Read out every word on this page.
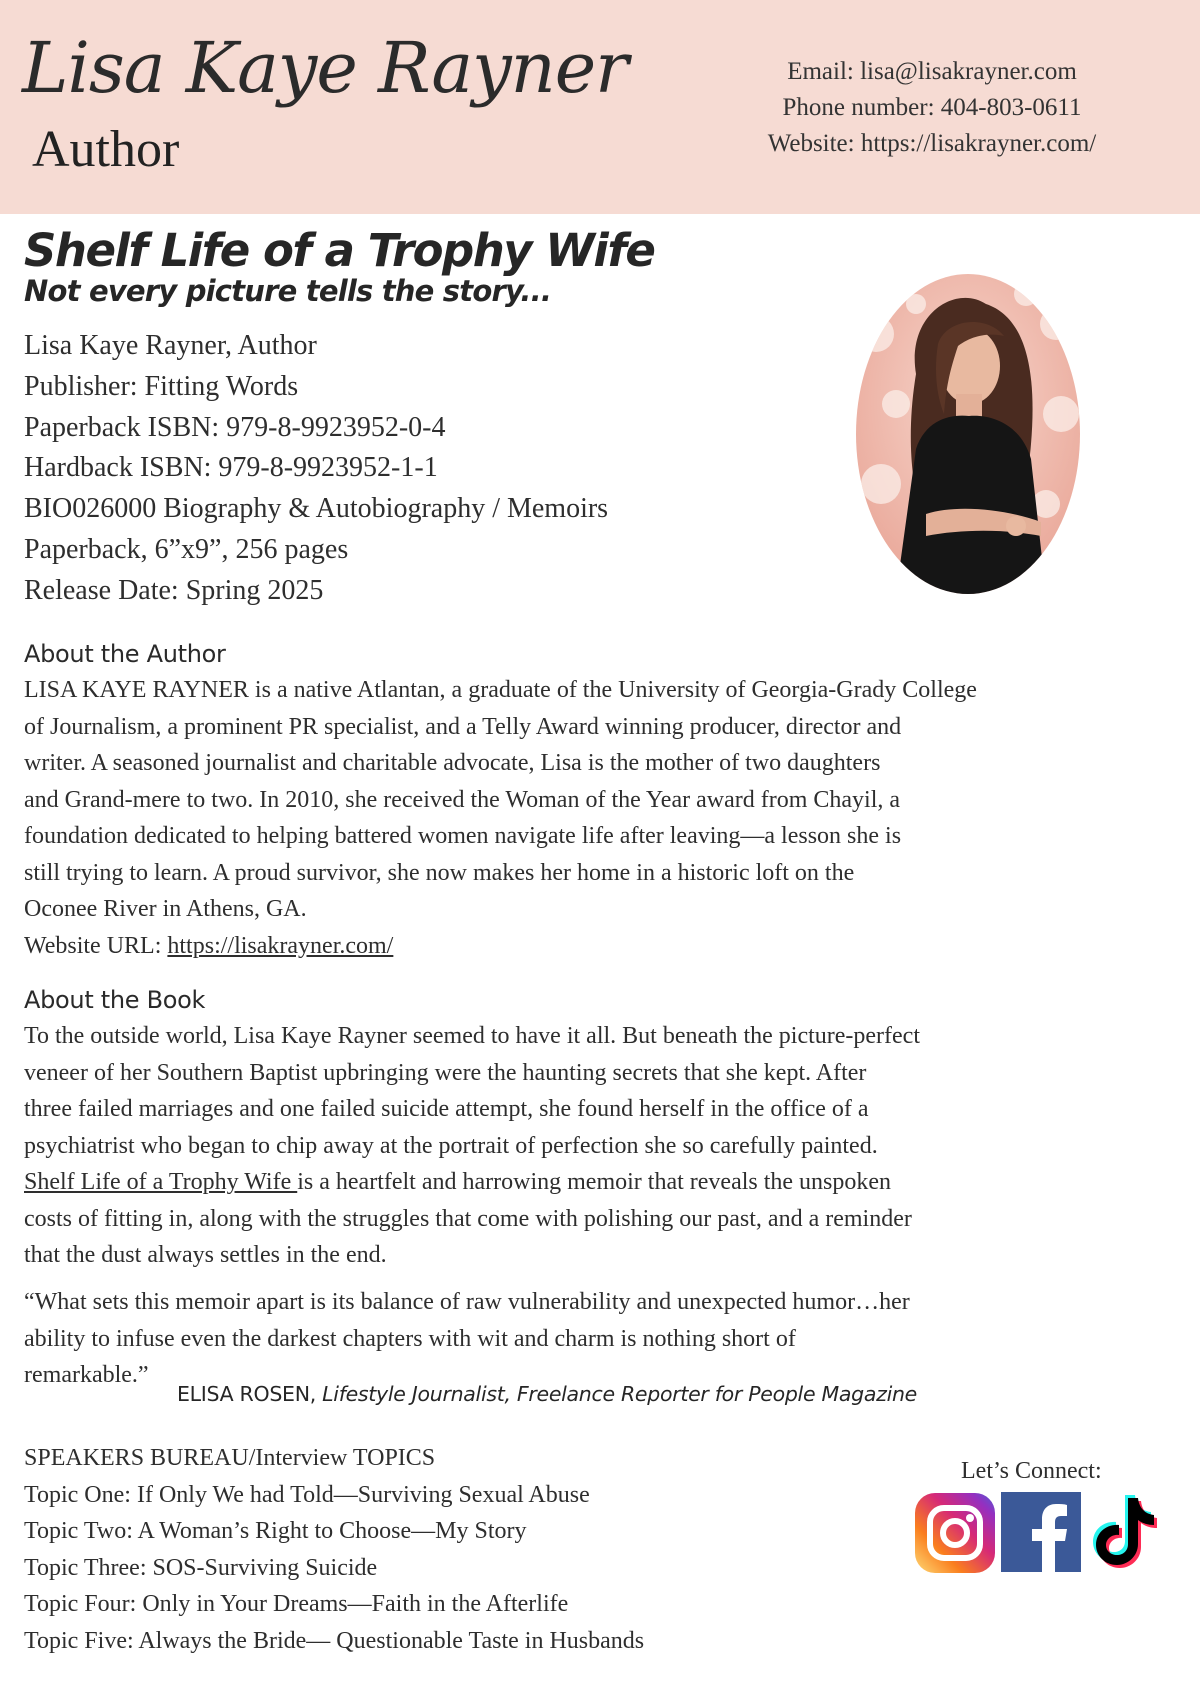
Lisa Kaye Rayner
Author
Email: lisa@lisakrayner.com
Phone number: 404-803-0611
Website: https://lisakrayner.com/
Shelf Life of a Trophy Wife
Not every picture tells the story...
Lisa Kaye Rayner, Author
Publisher: Fitting Words
Paperback ISBN: 979-8-9923952-0-4
Hardback ISBN: 979-8-9923952-1-1
BIO026000 Biography & Autobiography / Memoirs
Paperback, 6”x9”, 256 pages
Release Date: Spring 2025
About the Author
LISA KAYE RAYNER is a native Atlantan, a graduate of the University of Georgia-Grady College
of Journalism, a prominent PR specialist, and a Telly Award winning producer, director and
writer. A seasoned journalist and charitable advocate, Lisa is the mother of two daughters
and Grand-mere to two. In 2010, she received the Woman of the Year award from Chayil, a
foundation dedicated to helping battered women navigate life after leaving—a lesson she is
still trying to learn. A proud survivor, she now makes her home in a historic loft on the
Oconee River in Athens, GA.
Website URL: https://lisakrayner.com/
About the Book
To the outside world, Lisa Kaye Rayner seemed to have it all. But beneath the picture-perfect
veneer of her Southern Baptist upbringing were the haunting secrets that she kept. After
three failed marriages and one failed suicide attempt, she found herself in the office of a
psychiatrist who began to chip away at the portrait of perfection she so carefully painted.
Shelf Life of a Trophy Wife is a heartfelt and harrowing memoir that reveals the unspoken
costs of fitting in, along with the struggles that come with polishing our past, and a reminder
that the dust always settles in the end.
“What sets this memoir apart is its balance of raw vulnerability and unexpected humor…her
ability to infuse even the darkest chapters with wit and charm is nothing short of
remarkable.”
ELISA ROSEN, Lifestyle Journalist, Freelance Reporter for People Magazine
SPEAKERS BUREAU/Interview TOPICS
Topic One: If Only We had Told—Surviving Sexual Abuse
Topic Two: A Woman’s Right to Choose—My Story
Topic Three: SOS-Surviving Suicide
Topic Four: Only in Your Dreams—Faith in the Afterlife
Topic Five: Always the Bride— Questionable Taste in Husbands
Let’s Connect:
